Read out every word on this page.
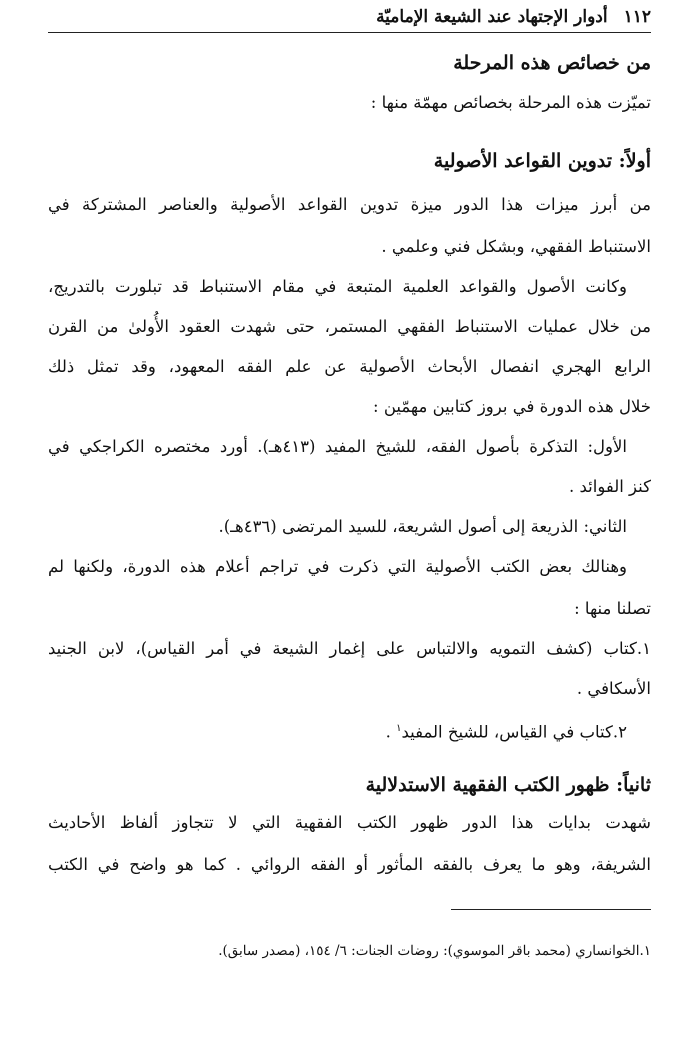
١١٢أدوار الإجتهاد عند الشيعة الإماميّة
من خصائص هذه المرحلة

تميّزت هذه المرحلة بخصائص مهمّة منها :

أولاً: تدوين القواعد الأصولية

من أبرز ميزات هذا الدور ميزة تدوين القواعد الأصولية والعناصر المشتركة في

الاستنباط الفقهي، وبشكل فني وعلمي .

وكانت الأصول والقواعد العلمية المتبعة في مقام الاستنباط قد تبلورت بالتدريج،

من خلال عمليات الاستنباط الفقهي المستمر، حتى شهدت العقود الأُولىٰ من القرن

الرابع الهجري انفصال الأبحاث الأصولية عن علم الفقه المعهود، وقد تمثل ذلك

خلال هذه الدورة في بروز كتابين مهمّين :

الأول: التذكرة بأصول الفقه، للشيخ المفيد (٤١٣هـ). أورد مختصره الكراجكي في

كنز الفوائد .

الثاني: الذريعة إلى أصول الشريعة، للسيد المرتضى (٤٣٦هـ).

وهنالك بعض الكتب الأصولية التي ذكرت في تراجم أعلام هذه الدورة، ولكنها لم

تصلنا منها :

١.كتاب (كشف التمويه والالتباس على إغمار الشيعة في أمر القياس)، لابن الجنيد

الأسكافي .

٢.كتاب في القياس، للشيخ المفيد$^١$ .

ثانياً: ظهور الكتب الفقهية الاستدلالية

شهدت بدايات هذا الدور ظهور الكتب الفقهية التي لا تتجاوز ألفاظ الأحاديث

الشريفة، وهو ما يعرف بالفقه المأثور أو الفقه الروائي . كما هو واضح في الكتب

١.الخوانساري (محمد باقر الموسوي): روضات الجنات: ٦/ ١٥٤، (مصدر سابق).
